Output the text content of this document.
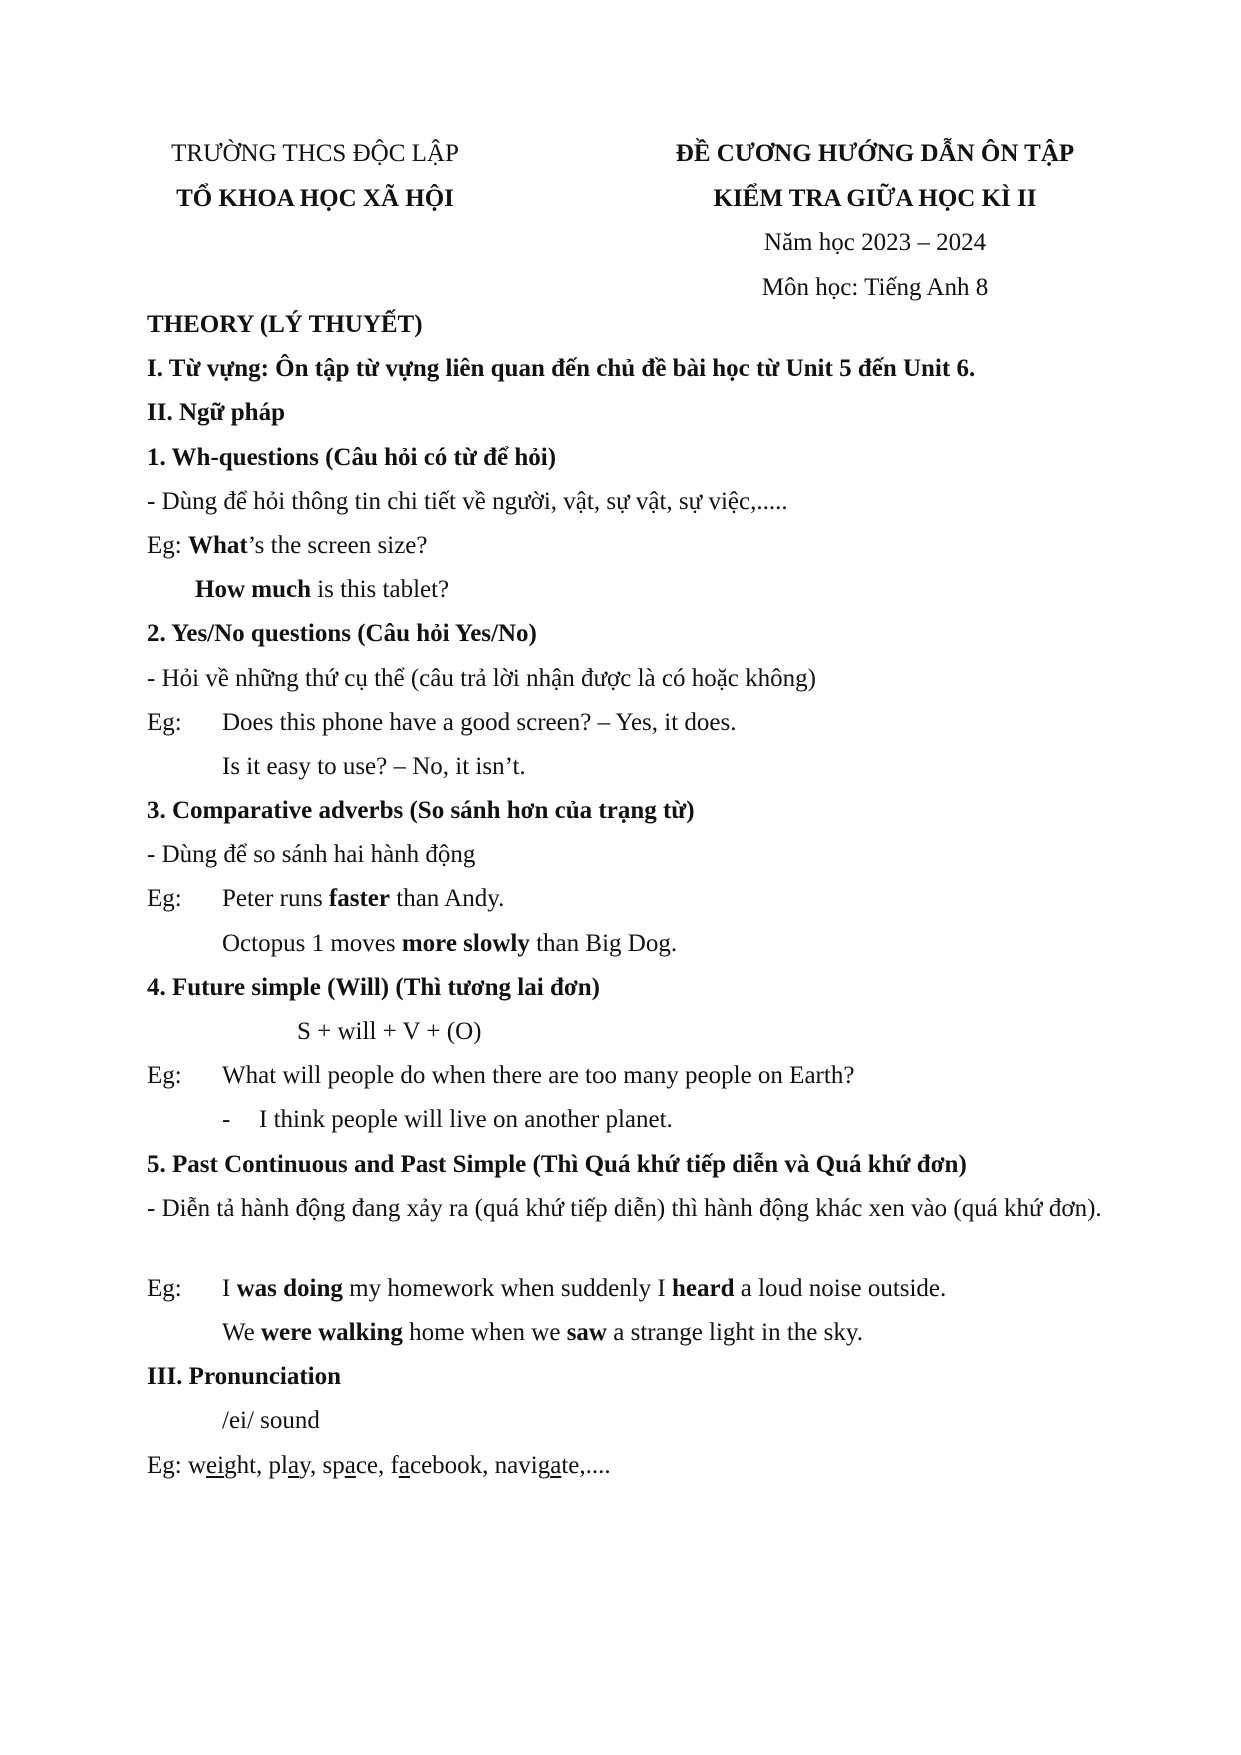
TRƯỜNG THCS ĐỘC LẬP
TỔ KHOA HỌC XÃ HỘI
ĐỀ CƯƠNG HƯỚNG DẪN ÔN TẬP
KIỂM TRA GIỮA HỌC KÌ II
Năm học 2023 – 2024
Môn học: Tiếng Anh 8
THEORY (LÝ THUYẾT)
I. Từ vựng: Ôn tập từ vựng liên quan đến chủ đề bài học từ Unit 5 đến Unit 6.
II. Ngữ pháp
1. Wh-questions (Câu hỏi có từ để hỏi)
- Dùng để hỏi thông tin chi tiết về người, vật, sự vật, sự việc,.....
Eg: What’s the screen size?
How much is this tablet?
2. Yes/No questions (Câu hỏi Yes/No)
- Hỏi về những thứ cụ thể (câu trả lời nhận được là có hoặc không)
Eg: Does this phone have a good screen? – Yes, it does.
Is it easy to use? – No, it isn’t.
3. Comparative adverbs (So sánh hơn của trạng từ)
- Dùng để so sánh hai hành động
Eg: Peter runs faster than Andy.
Octopus 1 moves more slowly than Big Dog.
4. Future simple (Will) (Thì tương lai đơn)
S + will + V + (O)
Eg: What will people do when there are too many people on Earth?
- I think people will live on another planet.
5. Past Continuous and Past Simple (Thì Quá khứ tiếp diễn và Quá khứ đơn)
- Diễn tả hành động đang xảy ra (quá khứ tiếp diễn) thì hành động khác xen vào (quá khứ đơn).
Eg: I was doing my homework when suddenly I heard a loud noise outside.
We were walking home when we saw a strange light in the sky.
III. Pronunciation
/ei/ sound
Eg: weight, play, space, facebook, navigate,....
